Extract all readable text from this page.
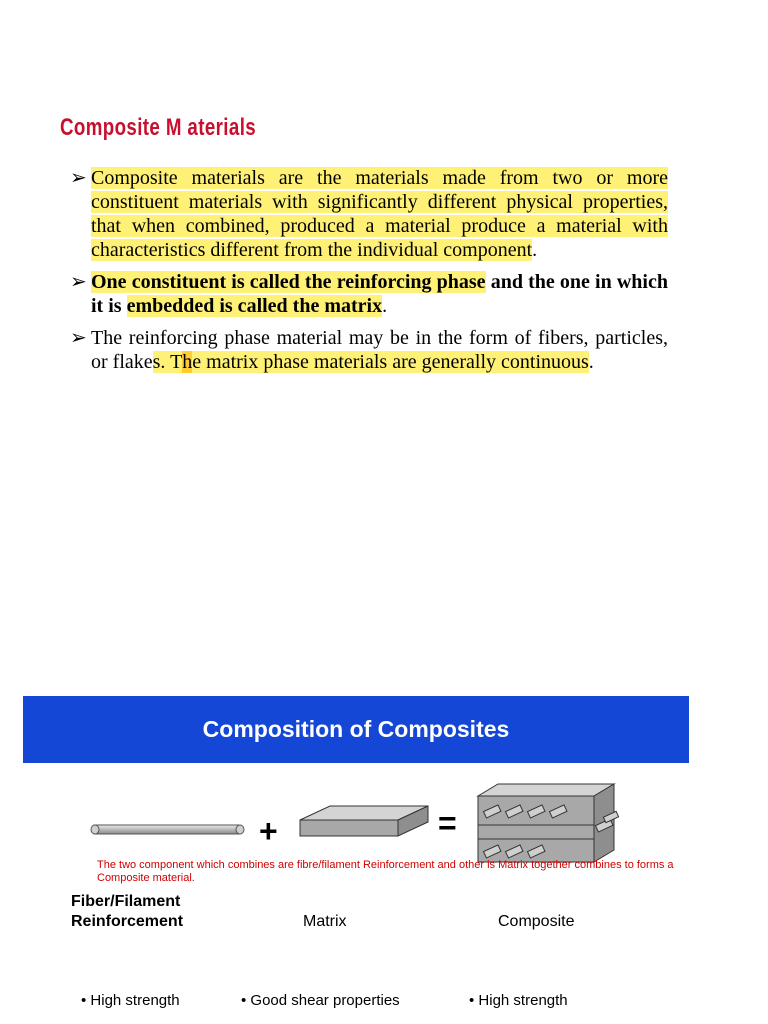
Composite M aterials
➢ Composite materials are the materials made from two or more constituent materials with significantly different physical properties, that when combined, produced a material produce a material with characteristics different from the individual component.
➢ One constituent is called the reinforcing phase and the one in which it is embedded is called the matrix.
➢ The reinforcing phase material may be in the form of fibers, particles, or flakes. The matrix phase materials are generally continuous.
Composition of Composites
+	=
The two component which combines are fibre/filament Reinforcement and other is Matrix together combines to forms a Composite material.
Fiber/Filament
Reinforcement	Matrix	Composite
• High strength	• Good shear properties	• High strength
